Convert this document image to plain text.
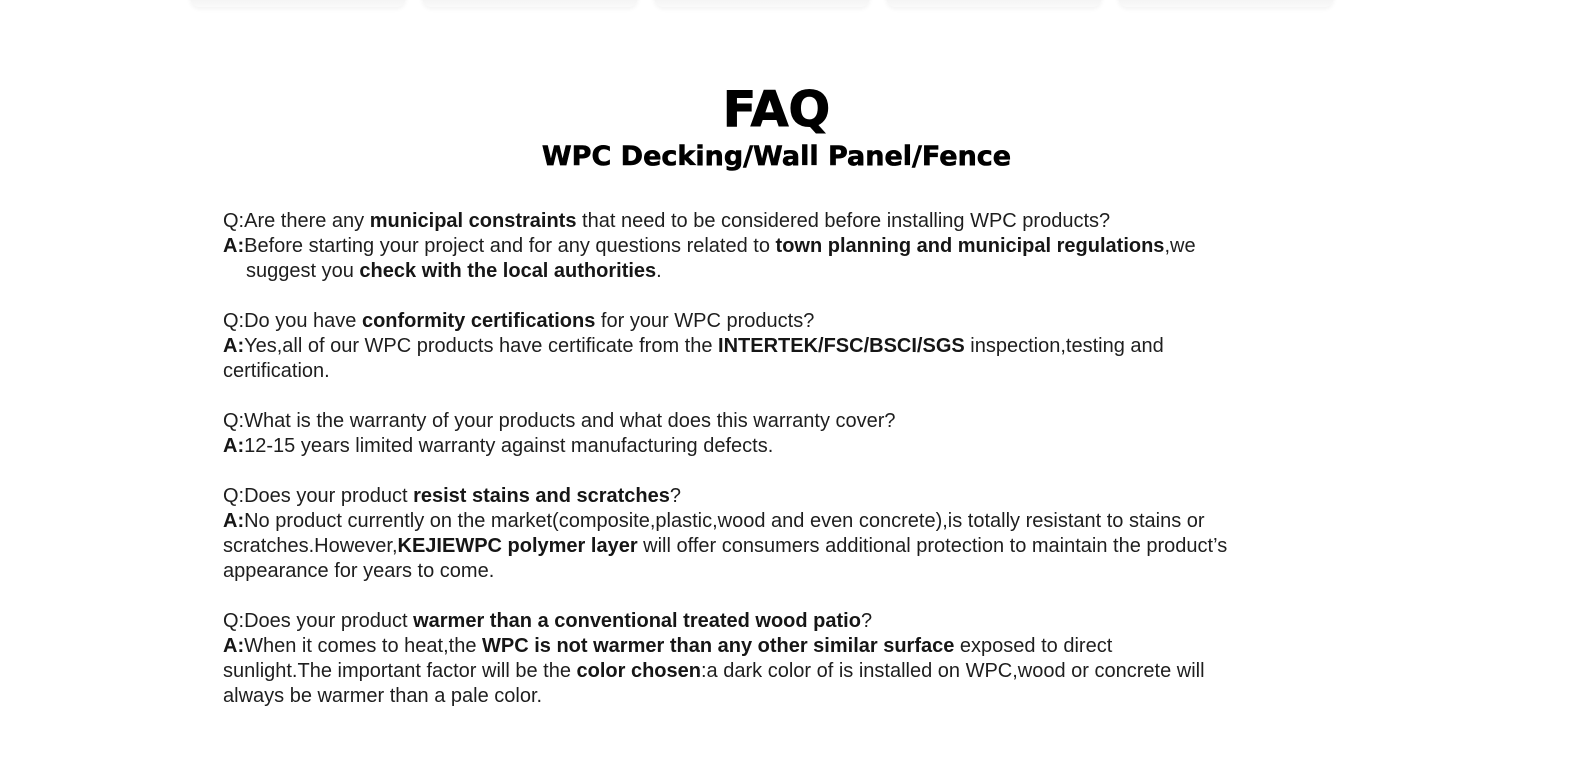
FAQ
WPC Decking/Wall Panel/Fence
Q:Are there any municipal constraints that need to be considered before installing WPC products?
A:Before starting your project and for any questions related to town planning and municipal regulations,we
suggest you check with the local authorities.
Q:Do you have conformity certifications for your WPC products?
A:Yes,all of our WPC products have certificate from the INTERTEK/FSC/BSCI/SGS inspection,testing and
certification.
Q:What is the warranty of your products and what does this warranty cover?
A:12-15 years limited warranty against manufacturing defects.
Q:Does your product resist stains and scratches?
A:No product currently on the market(composite,plastic,wood and even concrete),is totally resistant to stains or
scratches.However,KEJIEWPC polymer layer will offer consumers additional protection to maintain the product’s
appearance for years to come.
Q:Does your product warmer than a conventional treated wood patio?
A:When it comes to heat,the WPC is not warmer than any other similar surface exposed to direct
sunlight.The important factor will be the color chosen:a dark color of is installed on WPC,wood or concrete will
always be warmer than a pale color.
